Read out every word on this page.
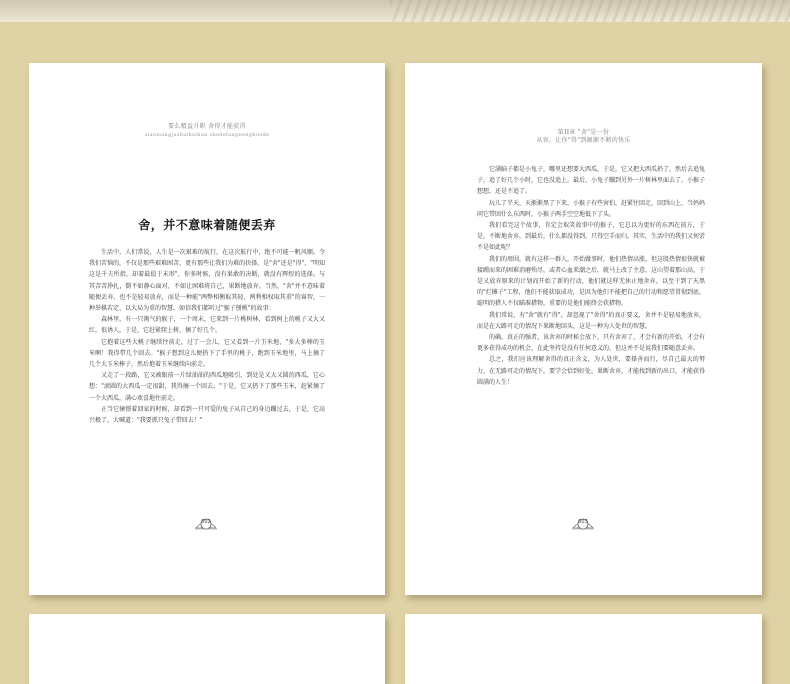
要么精益升职 舍得才能获得
xiaoxiangjushuikaihun shedefangnenghuode
舍，并不意味着随便丢弃

生活中，人们常说，人生是一次艰难的航行，在这次航行中，绝不可能一帆风顺。令我们苦恼的，不仅是那些艰难困苦，更有那些让我们为难的抉择。是"舍"还是"得"，"明知这是千夫所指，却着最值于未形"，你多时候，没有果敢的决断，就没有辉煌的选择。与其苦苦挣扎，倒不如静心面对，不如让困难将自己，果断地放弃。当然，"舍"并不意味着随便丢弃，也不是轻易放弃，而是一种能"两弊相衡取其轻，两利相权取其重"的睿智，一种举棋若定、以大局为重的智慧。如信我们都听过"猴子掰桃"的故事：

森林里，有一只淘气的猴子，一个周末，它来到一片桃树林，看到树上的桃子又大又红，很诱人，于是，它赶紧爬上树，摘了好几个。

它抱着这些大桃子继续往前走，过了一会儿，它又看到一片玉米地，"多大多棒的玉米啊！我得带几个回去。"猴子想到这儿便扔下了手里的桃子，跑到玉米地里，马上摘了几个大玉米棒子，然后抱着玉米继续向前走。

又走了一段路，它又被眼前一片绿油油的西瓜地吸引，到处是又大又圆的西瓜，它心想："滚圆的大西瓜一定很甜，我得摘一个回去。"于是，它又扔下了那些玉米，赶紧摘了一个大西瓜，满心欢喜地往前走。

正当它憧憬着回家的时候，却看到一只可爱的兔子从自己的身边蹦过去，于是，它高兴极了，大喊道："我要抓只兔子带回去！"

002
第II章 "舍"是一份
从容，让你"得"到源源不断的快乐

它满脑子都是小兔子，哪里还想要大西瓜，于是，它又把大西瓜扔了，然后去追兔子，追了好几个小时，它也没追上。最后，小兔子蹦到另外一片树林里面去了，小猴子想想，还是不追了。

玩儿了半天，天渐渐黑了下来，小猴子有些害怕，赶紧往回走，回到山上，当妈妈问它带回什么东西时，小猴子两手空空地低下了头。

我们看完这个故事，肯定会取笑故事中的猴子，它总以为更好的东西在前方，于是，不断地舍弃，到最后，什么都没得到，只得空手而归。其实，生活中的我们又何尝不是如此呢？

我们的周围，就有这样一群人，开始做事时，他们热情高涨，但这股热情很快就被接踵而来的困难消磨殆尽，或者心血来潮之后，就马上改了主意，这山望着那山高，于是又放弃原来的计划而开始了新的行动，他们就这样无休止地舍弃，以至于到了天黑的"烂摊子"工程，他们不能获取成功，是因为他们不能把自己的行动和愿望贯彻到底。聪明的猎人不仅瞄准猎物，重要的是他们能终会获猎物。

我们常说，有"舍"就有"得"，却忽视了"舍得"的真正要义，舍并不是轻易地放弃，而是在大路可走的情况下果断地回头，这是一种为人处世的智慧。

的确，真正的强者，该舍弃的时候会放下，只有舍弃了，才会有新的开始，才会有更多获得成功的机会，在此坚持是没有任何意义的，但这并不是说我们要随意丢弃。

总之，我们应该理解舍得的真正含义，为人处世，要择善而行，尽自己最大的努力，在无路可走的情况下，要学会恰到好处，果断舍弃，才能找到新的出口，才能获得圆满的人生！

003
